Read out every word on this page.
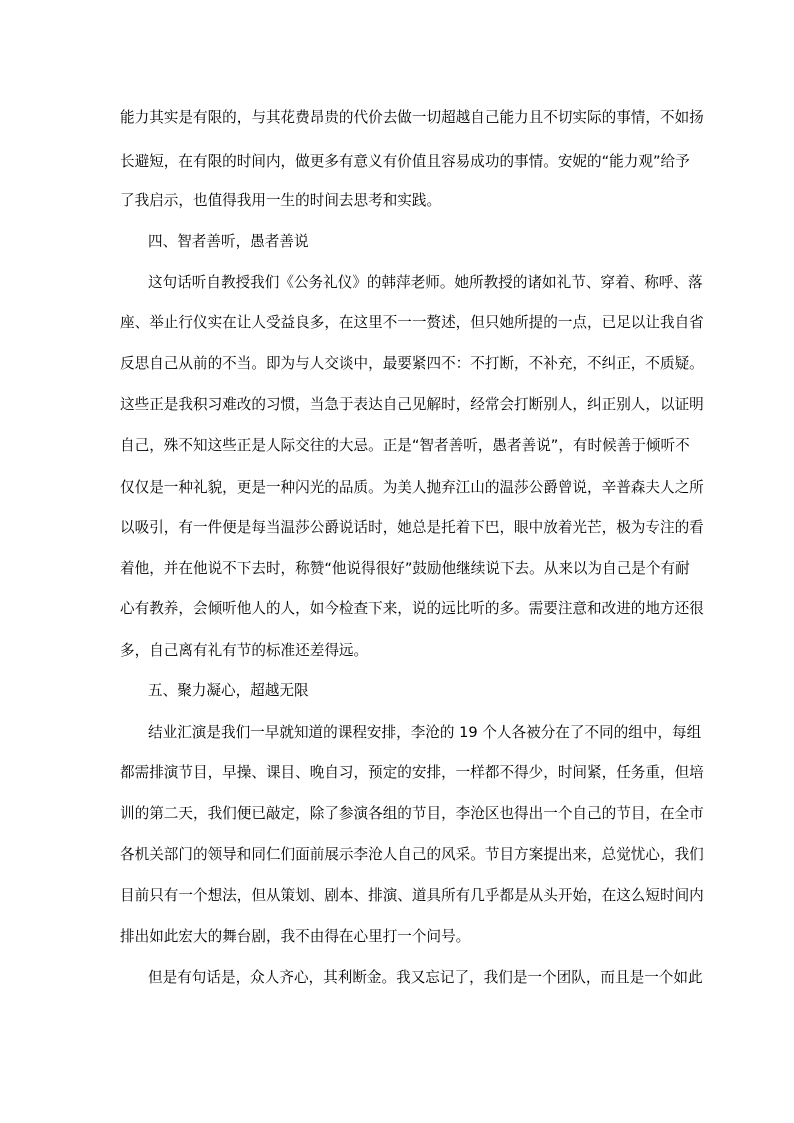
能力其实是有限的，与其花费昂贵的代价去做一切超越自己能力且不切实际的事情，不如扬
长避短，在有限的时间内，做更多有意义有价值且容易成功的事情。安妮的“能力观”给予
了我启示，也值得我用一生的时间去思考和实践。
四、智者善听，愚者善说
这句话听自教授我们《公务礼仪》的韩萍老师。她所教授的诸如礼节、穿着、称呼、落
座、举止行仪实在让人受益良多，在这里不一一赘述，但只她所提的一点，已足以让我自省
反思自己从前的不当。即为与人交谈中，最要紧四不：不打断，不补充，不纠正，不质疑。
这些正是我积习难改的习惯，当急于表达自己见解时，经常会打断别人，纠正别人，以证明
自己，殊不知这些正是人际交往的大忌。正是“智者善听，愚者善说”，有时候善于倾听不
仅仅是一种礼貌，更是一种闪光的品质。为美人抛弃江山的温莎公爵曾说，辛普森夫人之所
以吸引，有一件便是每当温莎公爵说话时，她总是托着下巴，眼中放着光芒，极为专注的看
着他，并在他说不下去时，称赞“他说得很好”鼓励他继续说下去。从来以为自己是个有耐
心有教养，会倾听他人的人，如今检查下来，说的远比听的多。需要注意和改进的地方还很
多，自己离有礼有节的标准还差得远。
五、聚力凝心，超越无限
结业汇演是我们一早就知道的课程安排，李沧的 19 个人各被分在了不同的组中，每组
都需排演节目，早操、课目、晚自习，预定的安排，一样都不得少，时间紧，任务重，但培
训的第二天，我们便已敲定，除了参演各组的节目，李沧区也得出一个自己的节目，在全市
各机关部门的领导和同仁们面前展示李沧人自己的风采。节目方案提出来，总觉忧心，我们
目前只有一个想法，但从策划、剧本、排演、道具所有几乎都是从头开始，在这么短时间内
排出如此宏大的舞台剧，我不由得在心里打一个问号。
但是有句话是，众人齐心，其利断金。我又忘记了，我们是一个团队，而且是一个如此
